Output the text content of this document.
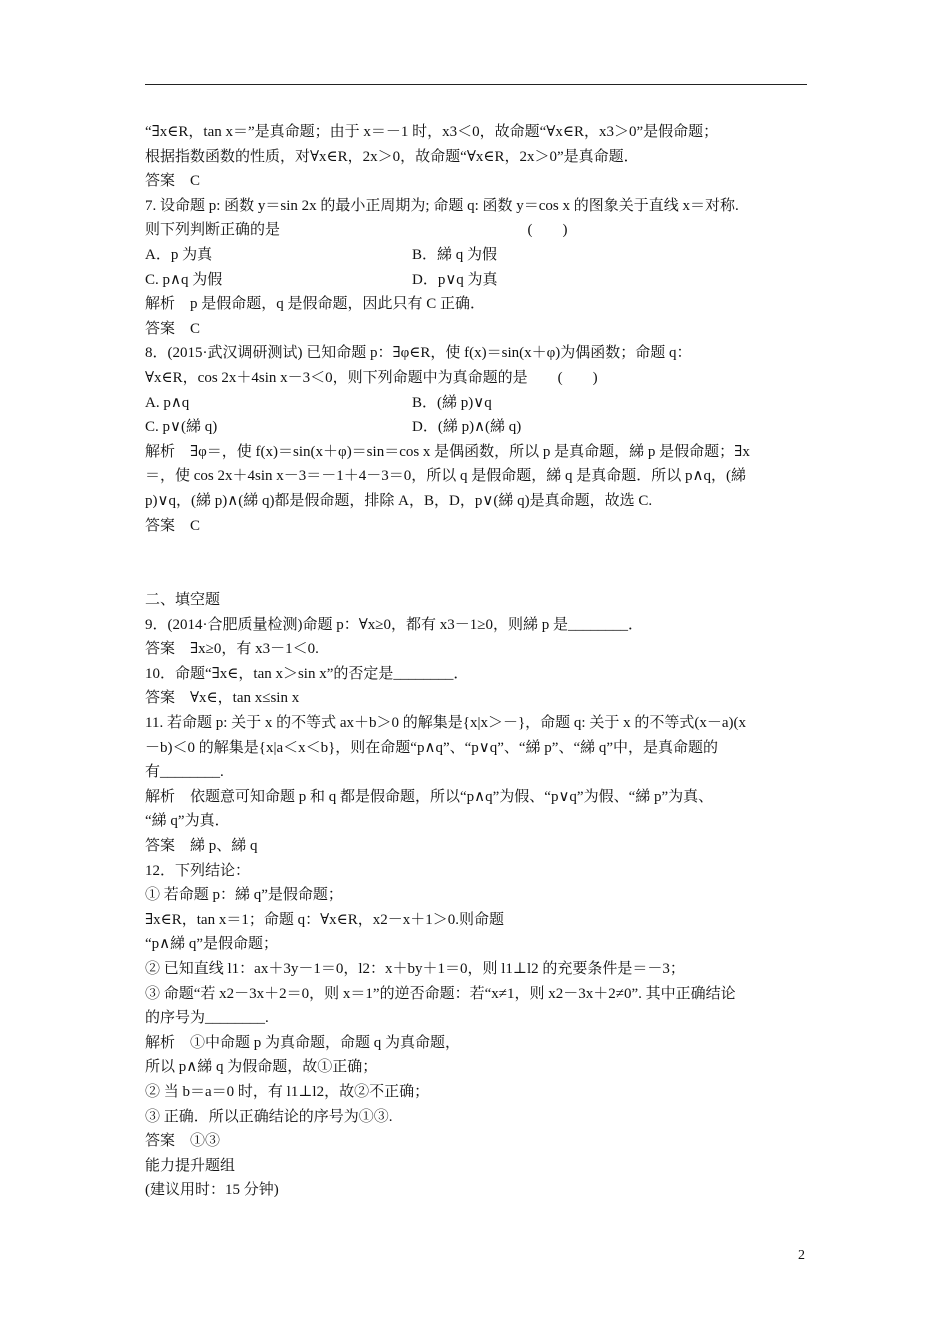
“∃x∈R，tan x＝”是真命题；由于 x＝－1 时，x3＜0，故命题“∀x∈R，x3＞0”是假命题；
根据指数函数的性质，对∀x∈R，2x＞0，故命题“∀x∈R，2x＞0”是真命题．
答案　C
7. 设命题 p: 函数 y＝sin 2x 的最小正周期为; 命题 q: 函数 y＝cos x 的图象关于直线 x＝对称.
则下列判断正确的是                                                                  (　　)
A．p 为真	B．綈 q 为假
C. p∧q 为假	D．p∨q 为真
解析　p 是假命题，q 是假命题，因此只有 C 正确．
答案　C
8．(2015·武汉调研测试) 已知命题 p：∃φ∈R，使 f(x)＝sin(x＋φ)为偶函数；命题 q：
∀x∈R，cos 2x＋4sin x－3＜0，则下列命题中为真命题的是　　(　　)
A. p∧q	B．(綈 p)∨q
C. p∨(綈 q)	D．(綈 p)∧(綈 q)
解析　∃φ＝，使 f(x)＝sin(x＋φ)＝sin＝cos x 是偶函数，所以 p 是真命题，綈 p 是假命题；∃x
＝，使 cos 2x＋4sin x－3＝－1＋4－3＝0，所以 q 是假命题，綈 q 是真命题．所以 p∧q，(綈
p)∨q，(綈 p)∧(綈 q)都是假命题，排除 A，B，D，p∨(綈 q)是真命题，故选 C.
答案　C
二、填空题
9．(2014·合肥质量检测)命题 p：∀x≥0，都有 x3－1≥0，则綈 p 是________．
答案　∃x≥0，有 x3－1＜0.
10．命题“∃x∈，tan x＞sin x”的否定是________．
答案　∀x∈，tan x≤sin x
11. 若命题 p: 关于 x 的不等式 ax＋b＞0 的解集是{x|x＞－}，命题 q: 关于 x 的不等式(x－a)(x
－b)＜0 的解集是{x|a＜x＜b}，则在命题“p∧q”、“p∨q”、“綈 p”、“綈 q”中，是真命题的
有________.
解析　依题意可知命题 p 和 q 都是假命题，所以“p∧q”为假、“p∨q”为假、“綈 p”为真、
“綈 q”为真．
答案　綈 p、綈 q
12．下列结论：
① 若命题 p：綈 q”是假命题；
∃x∈R，tan x＝1；命题 q：∀x∈R，x2－x＋1＞0.则命题
“p∧綈 q”是假命题；
② 已知直线 l1：ax＋3y－1＝0，l2：x＋by＋1＝0，则 l1⊥l2 的充要条件是＝－3；
③ 命题“若 x2－3x＋2＝0，则 x＝1”的逆否命题：若“x≠1，则 x2－3x＋2≠0”. 其中正确结论
的序号为________.
解析　①中命题 p 为真命题，命题 q 为真命题，
所以 p∧綈 q 为假命题，故①正确；
② 当 b＝a＝0 时，有 l1⊥l2，故②不正确；
③ 正确．所以正确结论的序号为①③.
答案　①③
能力提升题组
(建议用时：15 分钟)
2
